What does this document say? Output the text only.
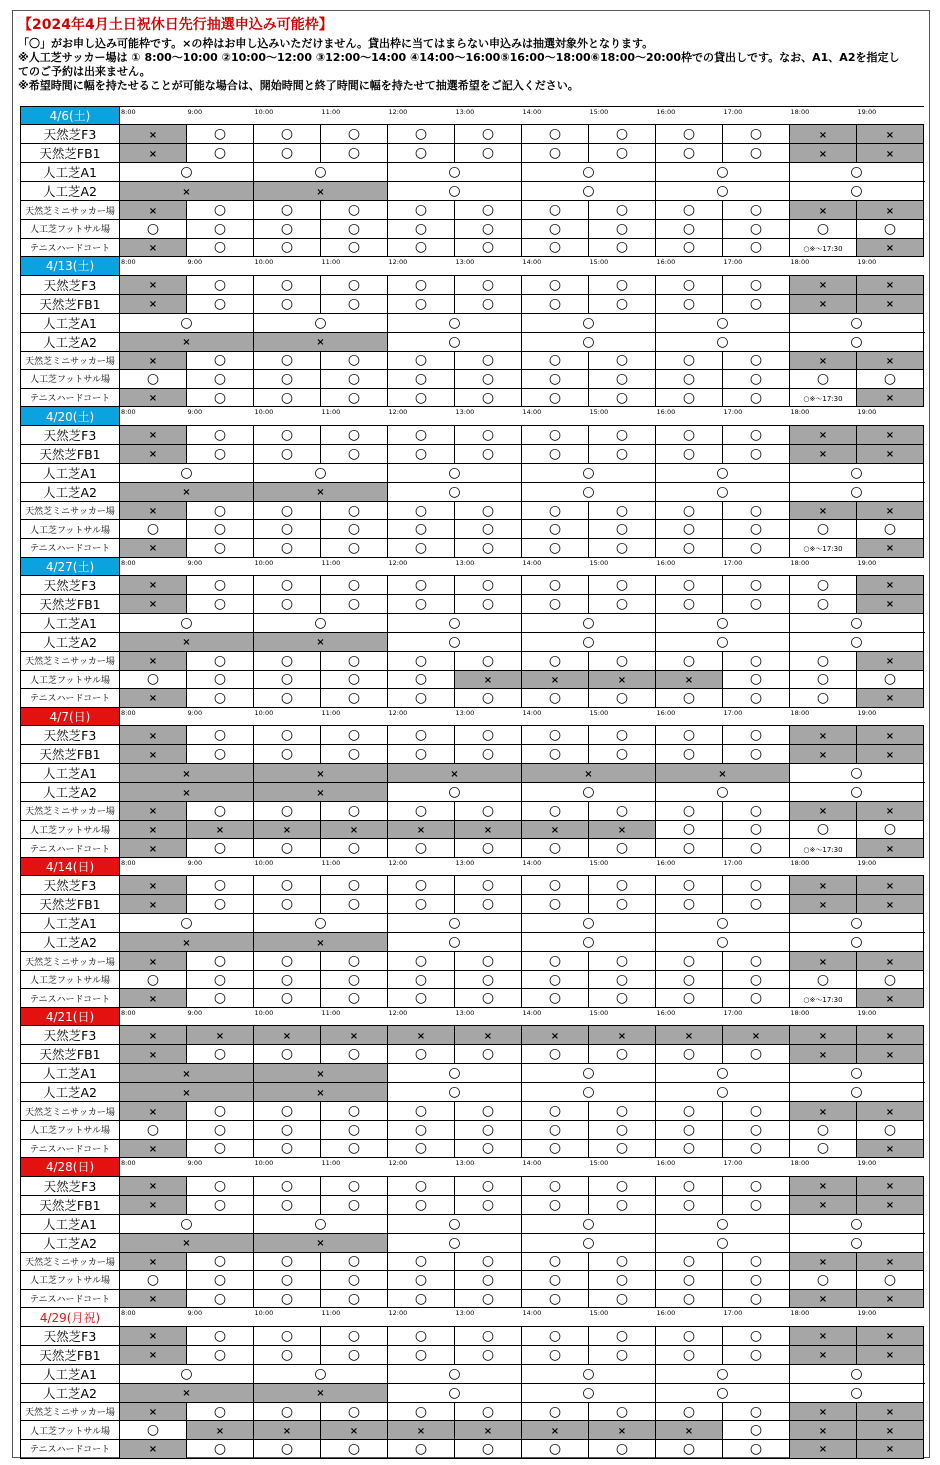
【2024年4月土日祝休日先行抽選申込み可能枠】
「〇」がお申し込み可能枠です。×の枠はお申し込みいただけません。貸出枠に当てはまらない申込みは抽選対象外となります。
※人工芝サッカー場は ① 8:00～10:00 ②10:00～12:00 ③12:00～14:00 ④14:00～16:00⑤16:00～18:00⑥18:00～20:00枠での貸出しです。なお、A1、A2を指定し
てのご予約は出来ません。
※希望時間に幅を持たせることが可能な場合は、開始時間と終了時間に幅を持たせて抽選希望をご記入ください。
4/6(土)	8:00	9:00	10:00	11:00	12:00	13:00	14:00	15:00	16:00	17:00	18:00	19:00	
天然芝F3	×	○	○	○	○	○	○	○	○	○	×	×	
天然芝FB1	×	○	○	○	○	○	○	○	○	○	×	×	
人工芝A1	○		○		○		○		○		○	
人工芝A2	×		×		○		○		○		○	
天然芝ミニサッカー場	×	○	○	○	○	○	○	○	○	○	×	×	
人工芝フットサル場	○	○	○	○	○	○	○	○	○	○	○	○	
テニスハードコート	×	○	○	○	○	○	○	○	○	○	○※～17:30	×	
4/13(土)	8:00	9:00	10:00	11:00	12:00	13:00	14:00	15:00	16:00	17:00	18:00	19:00	
天然芝F3	×	○	○	○	○	○	○	○	○	○	×	×	
天然芝FB1	×	○	○	○	○	○	○	○	○	○	×	×	
人工芝A1	○		○		○		○		○		○	
人工芝A2	×		×		○		○		○		○	
天然芝ミニサッカー場	×	○	○	○	○	○	○	○	○	○	×	×	
人工芝フットサル場	○	○	○	○	○	○	○	○	○	○	○	○	
テニスハードコート	×	○	○	○	○	○	○	○	○	○	○※～17:30	×	
4/20(土)	8:00	9:00	10:00	11:00	12:00	13:00	14:00	15:00	16:00	17:00	18:00	19:00	
天然芝F3	×	○	○	○	○	○	○	○	○	○	×	×	
天然芝FB1	×	○	○	○	○	○	○	○	○	○	×	×	
人工芝A1	○		○		○		○		○		○	
人工芝A2	×		×		○		○		○		○	
天然芝ミニサッカー場	×	○	○	○	○	○	○	○	○	○	×	×	
人工芝フットサル場	○	○	○	○	○	○	○	○	○	○	○	○	
テニスハードコート	×	○	○	○	○	○	○	○	○	○	○※～17:30	×	
4/27(土)	8:00	9:00	10:00	11:00	12:00	13:00	14:00	15:00	16:00	17:00	18:00	19:00	
天然芝F3	×	○	○	○	○	○	○	○	○	○	○	×	
天然芝FB1	×	○	○	○	○	○	○	○	○	○	○	×	
人工芝A1	○		○		○		○		○		○	
人工芝A2	×		×		○		○		○		○	
天然芝ミニサッカー場	×	○	○	○	○	○	○	○	○	○	○	×	
人工芝フットサル場	○	○	○	○	○	×	×	×	×	○	○	○	
テニスハードコート	×	○	○	○	○	○	○	○	○	○	○	×	
4/7(日)	8:00	9:00	10:00	11:00	12:00	13:00	14:00	15:00	16:00	17:00	18:00	19:00	
天然芝F3	×	○	○	○	○	○	○	○	○	○	×	×	
天然芝FB1	×	○	○	○	○	○	○	○	○	○	×	×	
人工芝A1	×		×		×		×		×		○	
人工芝A2	×		×		○		○		○		○	
天然芝ミニサッカー場	×	○	○	○	○	○	○	○	○	○	×	×	
人工芝フットサル場	×	×	×	×	×	×	×	×	○	○	○	○	
テニスハードコート	×	○	○	○	○	○	○	○	○	○	○※～17:30	×	
4/14(日)	8:00	9:00	10:00	11:00	12:00	13:00	14:00	15:00	16:00	17:00	18:00	19:00	
天然芝F3	×	○	○	○	○	○	○	○	○	○	×	×	
天然芝FB1	×	○	○	○	○	○	○	○	○	○	×	×	
人工芝A1	○		○		○		○		○		○	
人工芝A2	×		×		○		○		○		○	
天然芝ミニサッカー場	×	○	○	○	○	○	○	○	○	○	×	×	
人工芝フットサル場	○	○	○	○	○	○	○	○	○	○	○	○	
テニスハードコート	×	○	○	○	○	○	○	○	○	○	○※～17:30	×	
4/21(日)	8:00	9:00	10:00	11:00	12:00	13:00	14:00	15:00	16:00	17:00	18:00	19:00	
天然芝F3	×	×	×	×	×	×	×	×	×	×	×	×	
天然芝FB1	×	○	○	○	○	○	○	○	○	○	×	×	
人工芝A1	×		×		○		○		○		○	
人工芝A2	×		×		○		○		○		○	
天然芝ミニサッカー場	×	○	○	○	○	○	○	○	○	○	×	×	
人工芝フットサル場	○	○	○	○	○	○	○	○	○	○	○	○	
テニスハードコート	×	○	○	○	○	○	○	○	○	○	○	×	
4/28(日)	8:00	9:00	10:00	11:00	12:00	13:00	14:00	15:00	16:00	17:00	18:00	19:00	
天然芝F3	×	○	○	○	○	○	○	○	○	○	×	×	
天然芝FB1	×	○	○	○	○	○	○	○	○	○	×	×	
人工芝A1	○		○		○		○		○		○	
人工芝A2	×		×		○		○		○		○	
天然芝ミニサッカー場	×	○	○	○	○	○	○	○	○	○	×	×	
人工芝フットサル場	○	○	○	○	○	○	○	○	○	○	○	○	
テニスハードコート	×	○	○	○	○	○	○	○	○	○	×	×	
4/29(月祝)	8:00	9:00	10:00	11:00	12:00	13:00	14:00	15:00	16:00	17:00	18:00	19:00	
天然芝F3	×	○	○	○	○	○	○	○	○	○	×	×	
天然芝FB1	×	○	○	○	○	○	○	○	○	○	×	×	
人工芝A1	○		○		○		○		○		○		
人工芝A2	×		×		○		○		○		○	
天然芝ミニサッカー場	×	○	○	○	○	○	○	○	○	○	×	×	
人工芝フットサル場	○	×	×	×	×	×	×	×	×	○	×	×	
テニスハードコート	×	○	○	○	○	○	○	○	○	○	×	×	
